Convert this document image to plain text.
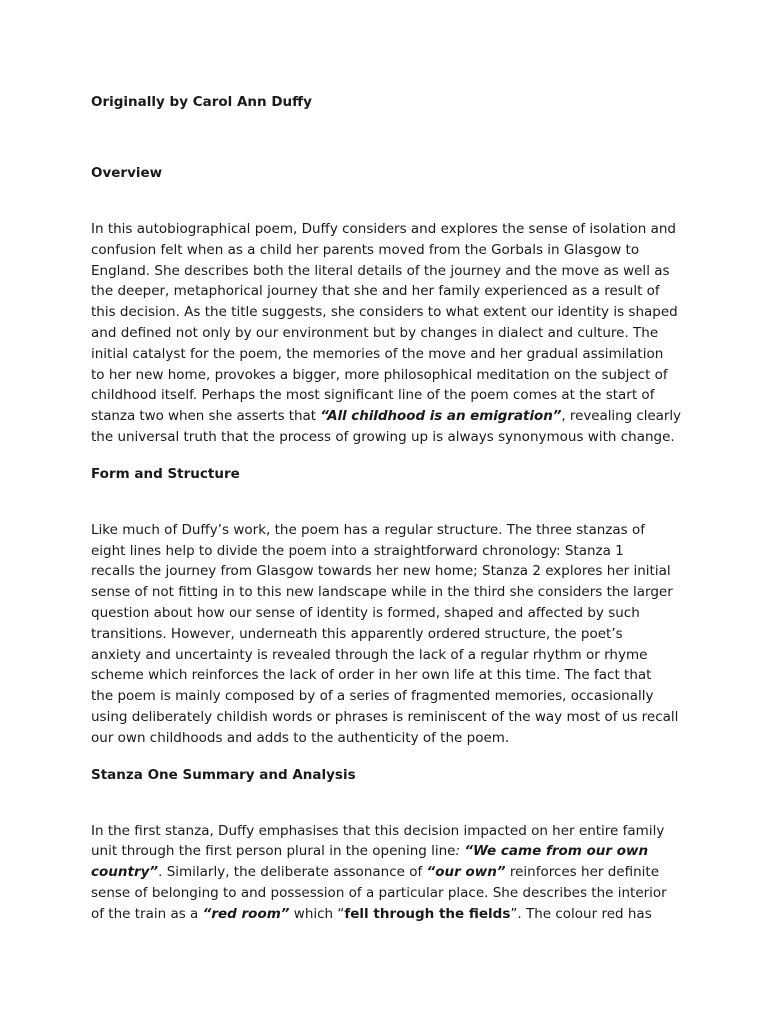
Originally by Carol Ann Duffy

Overview

In this autobiographical poem, Duffy considers and explores the sense of isolation and
confusion felt when as a child her parents moved from the Gorbals in Glasgow to
England. She describes both the literal details of the journey and the move as well as
the deeper, metaphorical journey that she and her family experienced as a result of
this decision. As the title suggests, she considers to what extent our identity is shaped
and defined not only by our environment but by changes in dialect and culture. The
initial catalyst for the poem, the memories of the move and her gradual assimilation
to her new home, provokes a bigger, more philosophical meditation on the subject of
childhood itself. Perhaps the most significant line of the poem comes at the start of
stanza two when she asserts that “All childhood is an emigration”, revealing clearly
the universal truth that the process of growing up is always synonymous with change.

Form and Structure

Like much of Duffy’s work, the poem has a regular structure. The three stanzas of
eight lines help to divide the poem into a straightforward chronology: Stanza 1
recalls the journey from Glasgow towards her new home; Stanza 2 explores her initial
sense of not fitting in to this new landscape while in the third she considers the larger
question about how our sense of identity is formed, shaped and affected by such
transitions. However, underneath this apparently ordered structure, the poet’s
anxiety and uncertainty is revealed through the lack of a regular rhythm or rhyme
scheme which reinforces the lack of order in her own life at this time. The fact that
the poem is mainly composed by of a series of fragmented memories, occasionally
using deliberately childish words or phrases is reminiscent of the way most of us recall
our own childhoods and adds to the authenticity of the poem.

Stanza One Summary and Analysis

In the first stanza, Duffy emphasises that this decision impacted on her entire family
unit through the first person plural in the opening line: “We came from our own
country”. Similarly, the deliberate assonance of “our own” reinforces her definite
sense of belonging to and possession of a particular place. She describes the interior
of the train as a “red room” which “fell through the fields”. The colour red has
